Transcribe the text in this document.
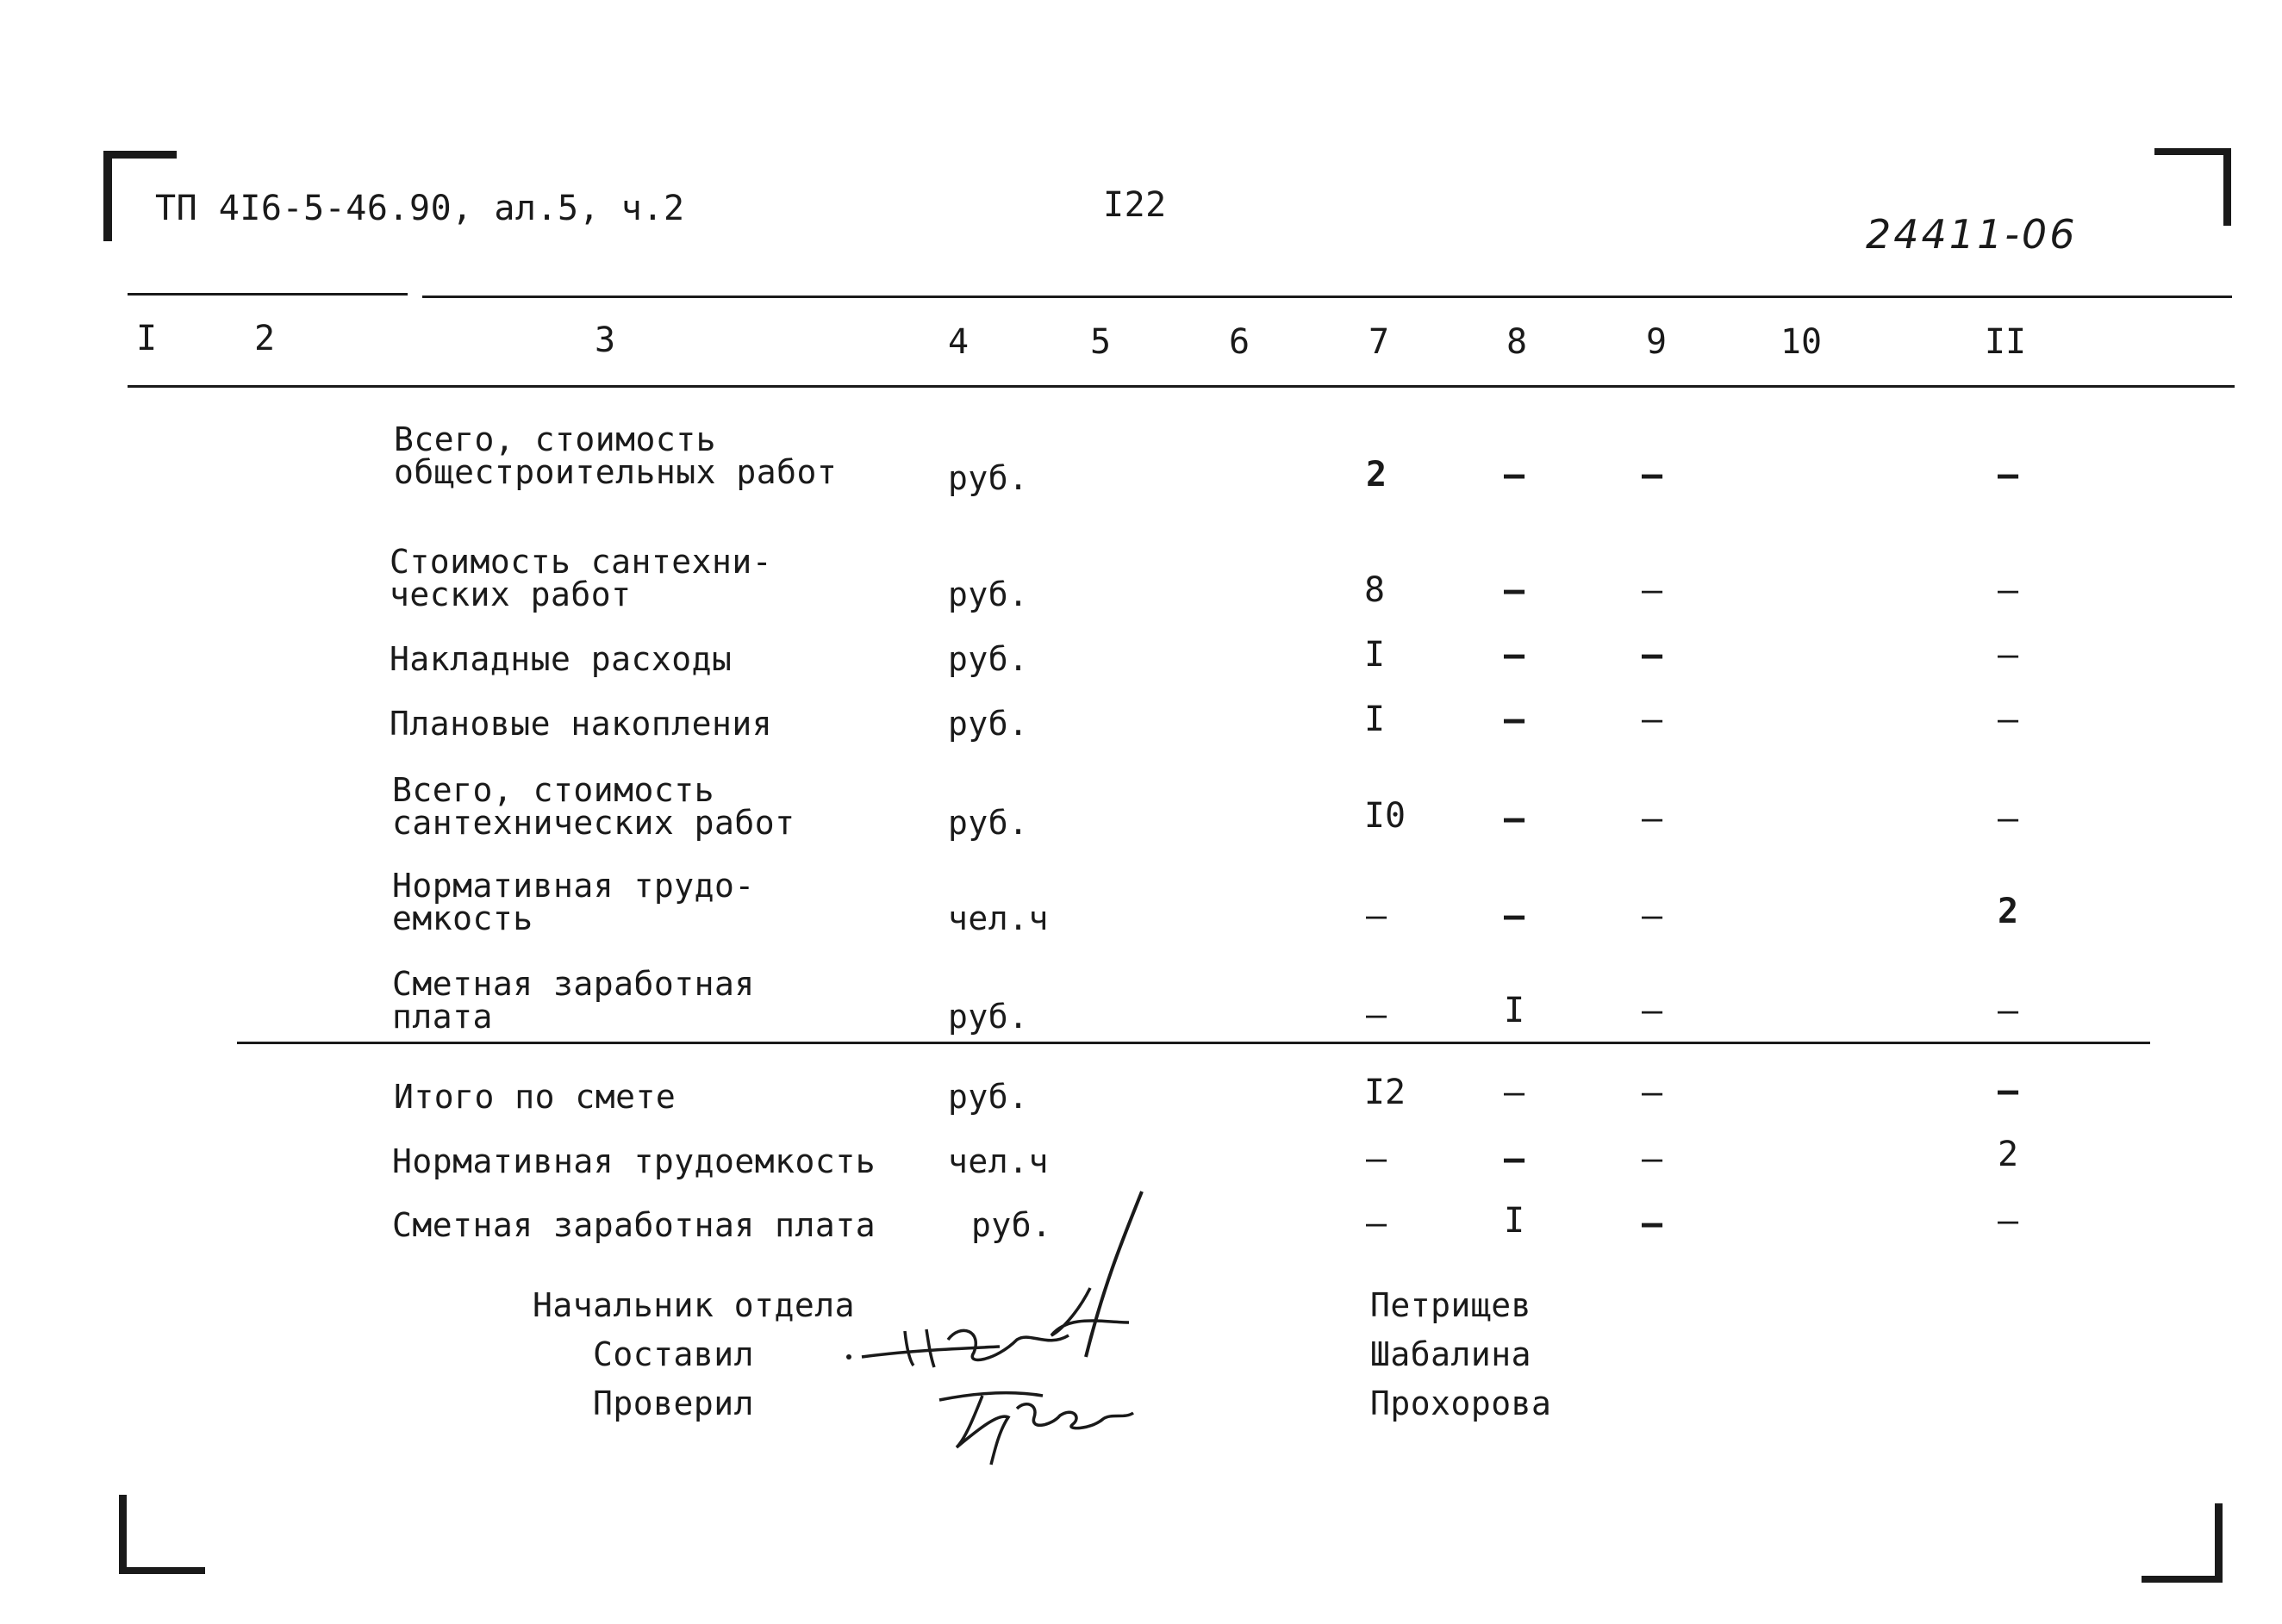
ТП 4I6-5-46.90, ал.5, ч.2	I22
24411-06
I	2	3	4	5	6	7	8	9	10	II
Всего, стоимость
общестроительных работ	руб.	2	–	–	–
Стоимость сантехни-
ческих работ	руб.	8	–	–	–
Накладные расходы	руб.	I	–	–	–
Плановые накопления	руб.	I	–	–	–
Всего, стоимость
сантехнических работ	руб.	I0	–	–	–
Нормативная трудо-
емкость	чел.ч	–	–	–	2
Сметная заработная
плата	руб.	–	I	–	–
Итого по смете	руб.	I2	–	–	–
Нормативная трудоемкость чел.ч	–	–	–	2
Сметная заработная плата	руб.	–	I	–	–
Начальник отдела	Петрищев
Составил	Шабалина
Проверил	Прохорова
